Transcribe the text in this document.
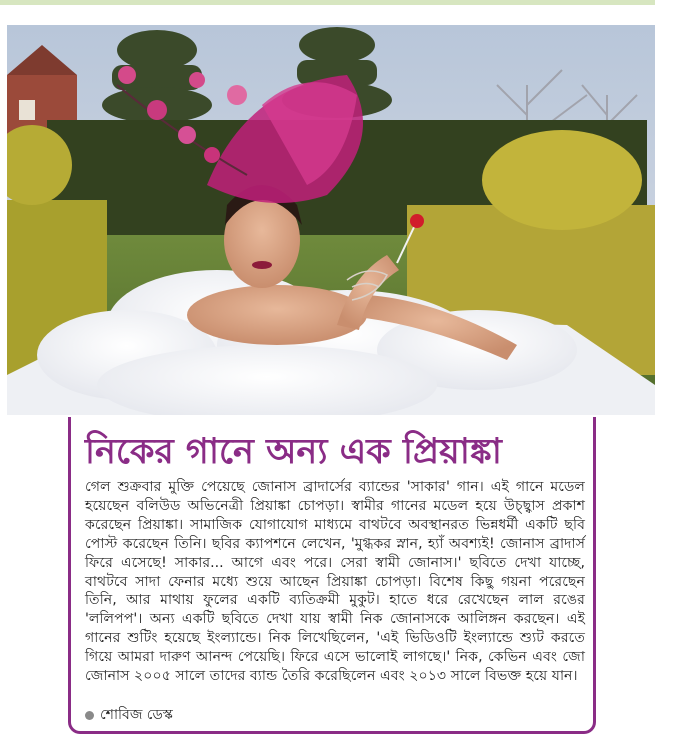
নিকের গানে অন্য এক প্রিয়াঙ্কা

গেল শুক্রবার মুক্তি পেয়েছে জোনাস ব্রাদার্সের ব্যান্ডের 'সাকার' গান। এই গানে মডেল হয়েছেন বলিউড অভিনেত্রী প্রিয়াঙ্কা চোপড়া। স্বামীর গানের মডেল হয়ে উচ্ছ্বাস প্রকাশ করেছেন প্রিয়াঙ্কা। সামাজিক যোগাযোগ মাধ্যমে বাথটবে অবস্থানরত ভিন্নধর্মী একটি ছবি পোস্ট করেছেন তিনি। ছবির ক্যাপশনে লেখেন, 'মুগ্ধকর স্নান, হ্যাঁ অবশ্যই! জোনাস ব্রাদার্স ফিরে এসেছে! সাকার... আগে এবং পরে। সেরা স্বামী জোনাস।' ছবিতে দেখা যাচ্ছে, বাথটবে সাদা ফেনার মধ্যে শুয়ে আছেন প্রিয়াঙ্কা চোপড়া। বিশেষ কিছু গয়না পরেছেন তিনি, আর মাথায় ফুলের একটি ব্যতিক্রমী মুকুট। হাতে ধরে রেখেছেন লাল রঙের 'ললিপপ'। অন্য একটি ছবিতে দেখা যায় স্বামী নিক জোনাসকে আলিঙ্গন করছেন। এই গানের শুটিং হয়েছে ইংল্যান্ডে। নিক লিখেছিলেন, 'এই ভিডিওটি ইংল্যান্ডে শ্যুট করতে গিয়ে আমরা দারুণ আনন্দ পেয়েছি। ফিরে এসে ভালোই লাগছে।' নিক, কেভিন এবং জো জোনাস ২০০৫ সালে তাদের ব্যান্ড তৈরি করেছিলেন এবং ২০১৩ সালে বিভক্ত হয়ে যান।

শোবিজ ডেস্ক
